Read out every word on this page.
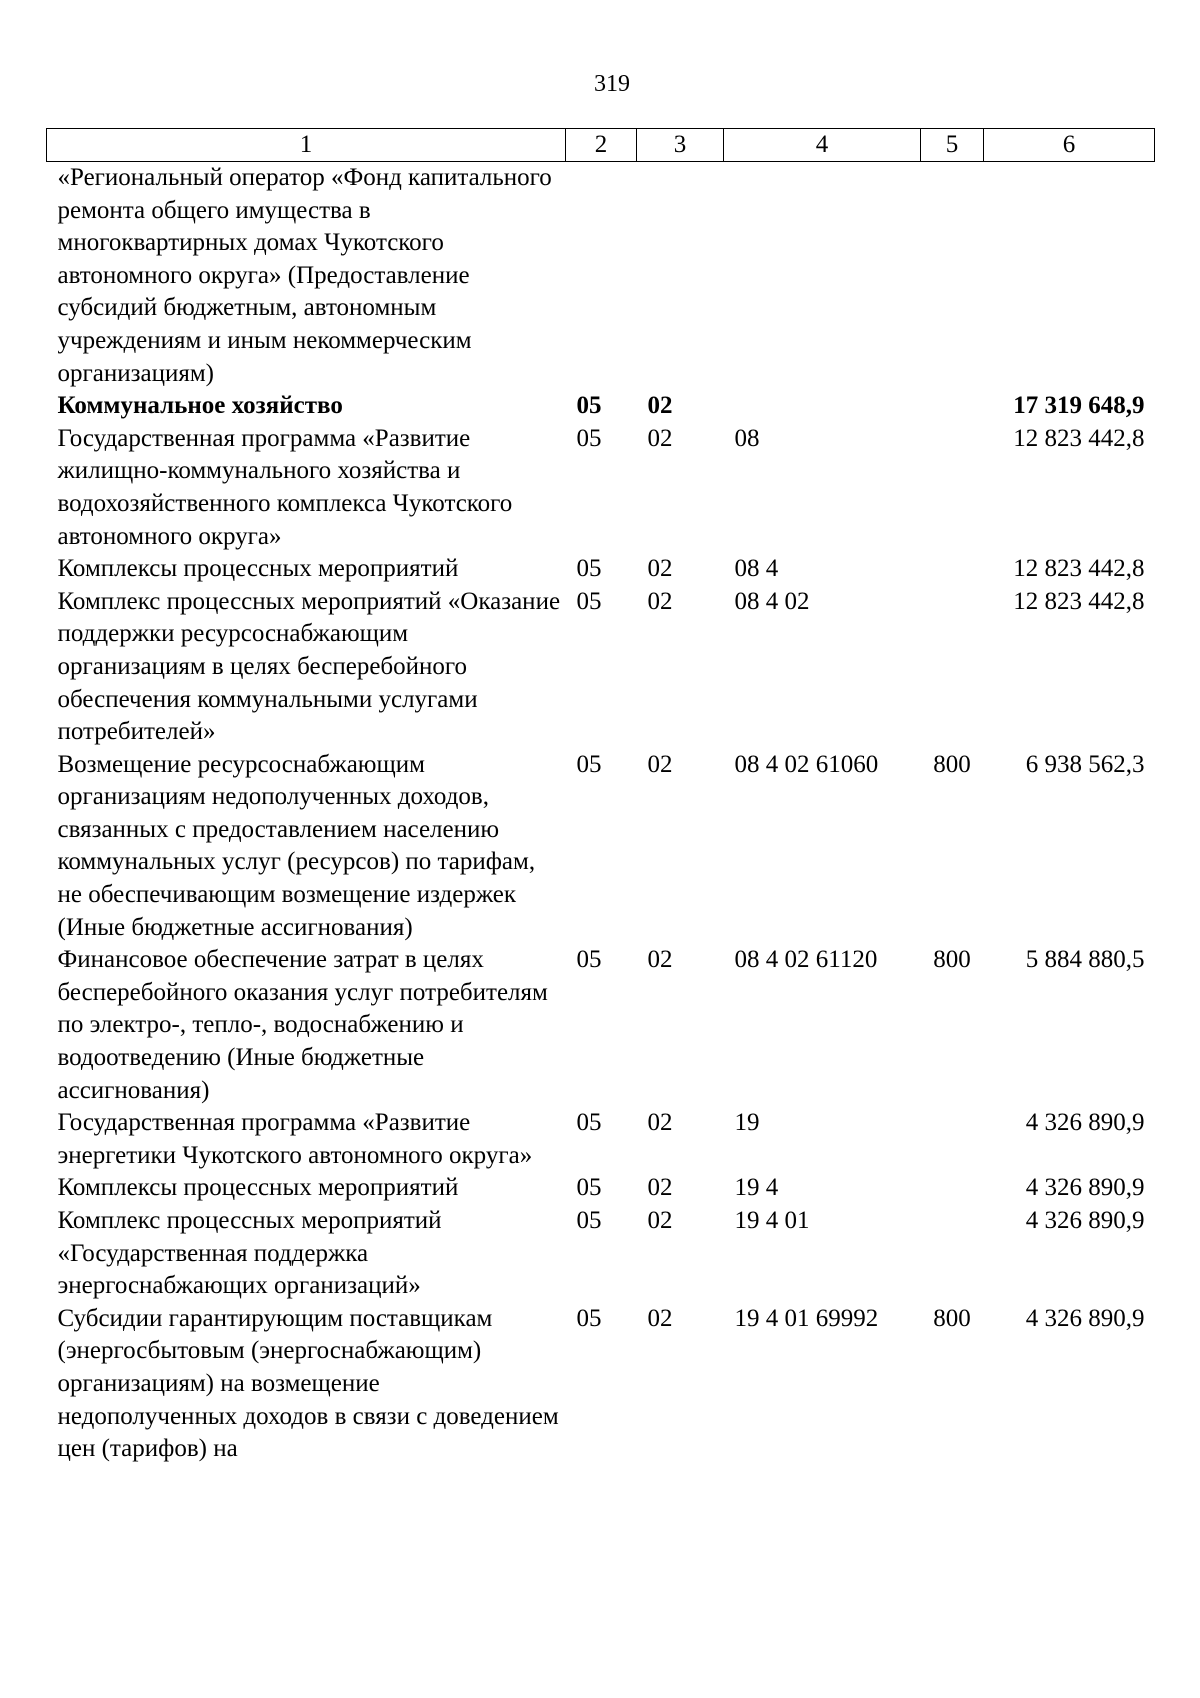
319
1	2	3	4	5	6
«Региональный оператор «Фонд капитального ремонта общего имущества в многоквартирных домах Чукотского автономного округа» (Предоставление субсидий бюджетным, автономным учреждениям и иным некоммерческим организациям)					
Коммунальное хозяйство	05	02			17 319 648,9
Государственная программа «Развитие жилищно-коммунального хозяйства и водохозяйственного комплекса Чукотского автономного округа»	05	02	08		12 823 442,8
Комплексы процессных мероприятий	05	02	08 4		12 823 442,8
Комплекс процессных мероприятий «Оказание поддержки ресурсоснабжающим организациям в целях бесперебойного обеспечения коммунальными услугами потребителей»	05	02	08 4 02		12 823 442,8
Возмещение ресурсоснабжающим организациям недополученных доходов, связанных с предоставлением населению коммунальных услуг (ресурсов) по тарифам, не обеспечивающим возмещение издержек (Иные бюджетные ассигнования)	05	02	08 4 02 61060	800	6 938 562,3
Финансовое обеспечение затрат в целях бесперебойного оказания услуг потребителям по электро-, тепло-, водоснабжению и водоотведению (Иные бюджетные ассигнования)	05	02	08 4 02 61120	800	5 884 880,5
Государственная программа «Развитие энергетики Чукотского автономного округа»	05	02	19		4 326 890,9
Комплексы процессных мероприятий	05	02	19 4		4 326 890,9
Комплекс процессных мероприятий «Государственная поддержка энергоснабжающих организаций»	05	02	19 4 01		4 326 890,9
Субсидии гарантирующим поставщикам (энергосбытовым (энергоснабжающим) организациям) на возмещение недополученных доходов в связи с доведением цен (тарифов) на	05	02	19 4 01 69992	800	4 326 890,9
